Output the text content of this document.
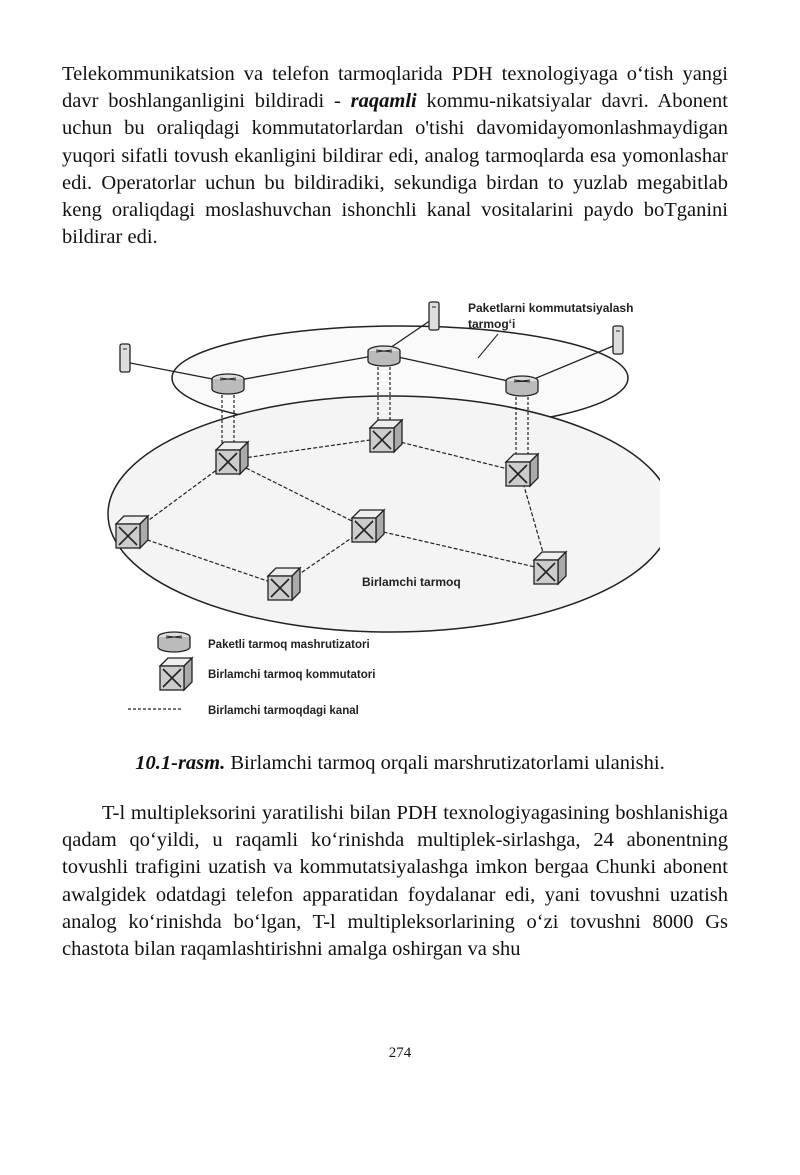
Telekommunikatsion va telefon tarmoqlarida PDH texnologiyaga o‘tish yangi davr boshlanganligini bildiradi - raqamli kommu-nikatsiyalar davri. Abonent uchun bu oraliqdagi kommutatorlardan o'tishi davomidayomonlashmaydigan yuqori sifatli tovush ekanligini bildirar edi, analog tarmoqlarda esa yomonlashar edi. Operatorlar uchun bu bildiradiki, sekundiga birdan to yuzlab megabitlab keng oraliqdagi moslashuvchan ishonchli kanal vositalarini paydo boTganini bildirar edi.

Paketlarni kommutatsiyalash
tarmog‘i
Birlamchi tarmoq
Paketli tarmoq mashrutizatori
Birlamchi tarmoq kommutatori
Birlamchi tarmoqdagi kanal

10.1-rasm. Birlamchi tarmoq orqali marshrutizatorlami ulanishi.

T-l multipleksorini yaratilishi bilan PDH texnologiyagasining boshlanishiga qadam qo‘yildi, u raqamli ko‘rinishda multiplek-sirlashga, 24 abonentning tovushli trafigini uzatish va kommutatsiyalashga imkon bergaa Chunki abonent awalgidek odatdagi telefon apparatidan foydalanar edi, yani tovushni uzatish analog ko‘rinishda bo‘lgan, T-l multipleksorlarining o‘zi tovushni 8000 Gs chastota bilan raqamlashtirishni amalga oshirgan va shu

274
